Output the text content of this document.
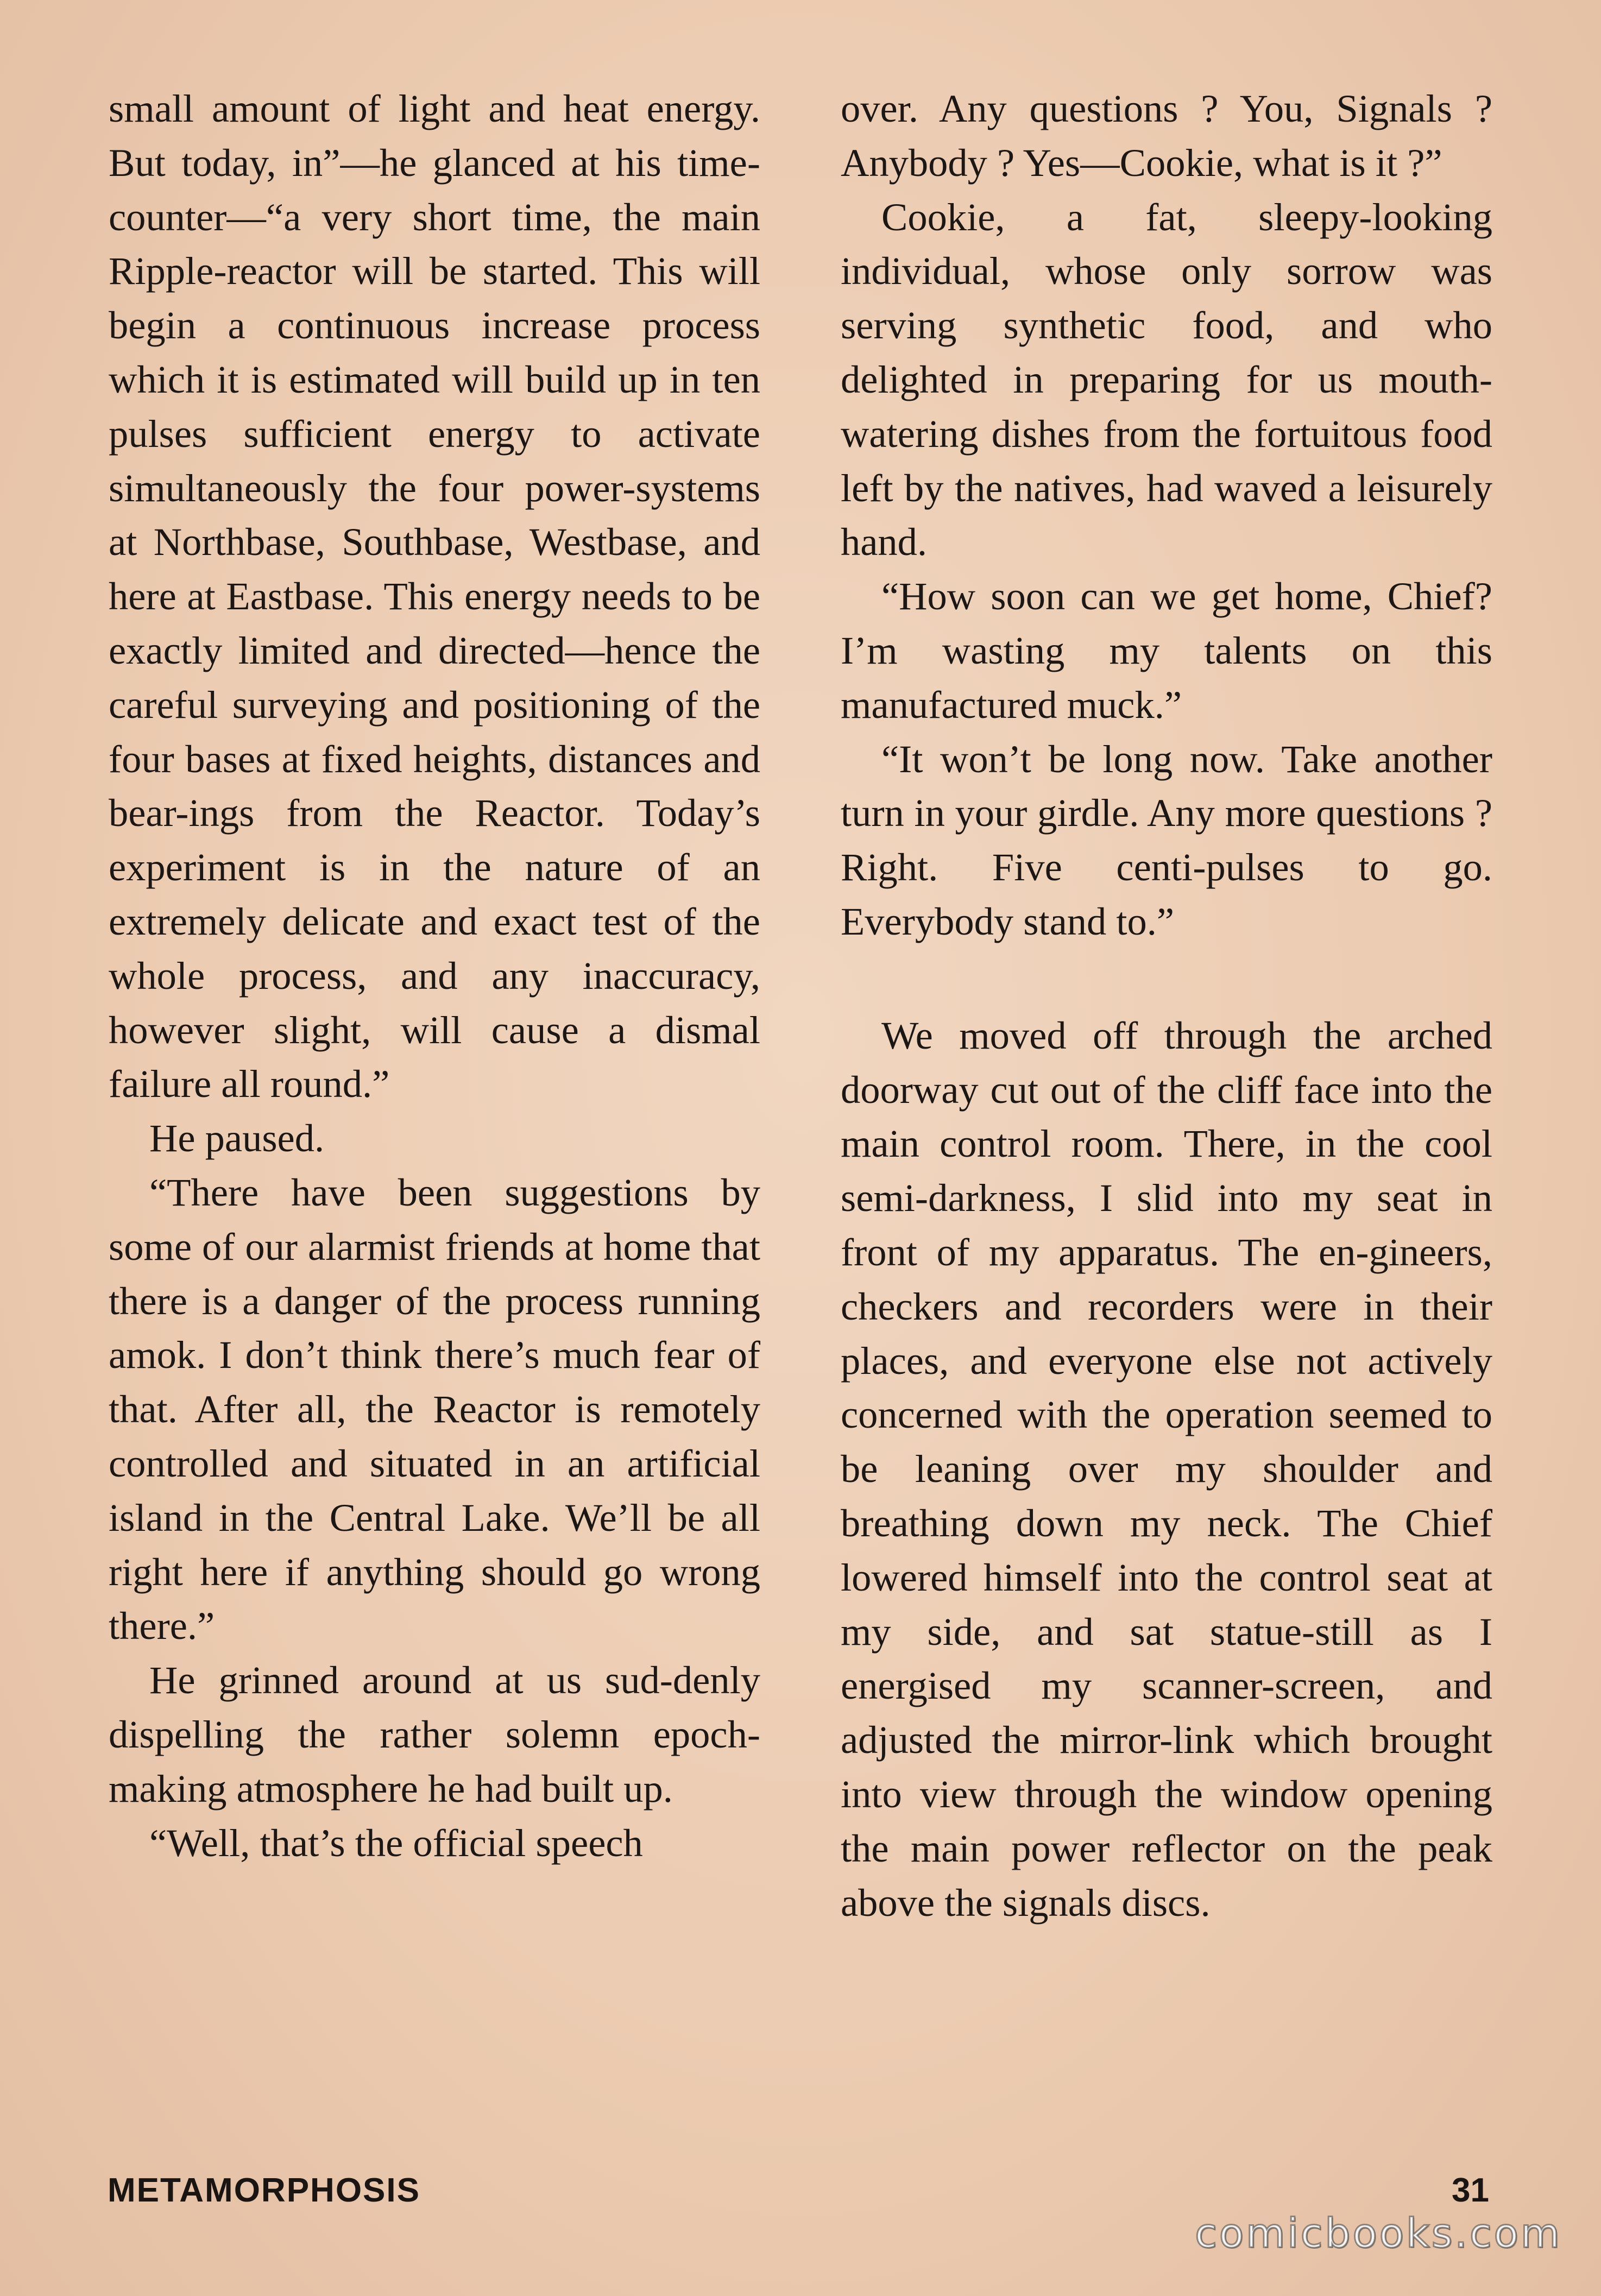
small amount of light and heat energy. But today, in”—he glanced at his time-counter—“a very short time, the main Ripple-reactor will be started. This will begin a continuous increase process which it is estimated will build up in ten pulses sufficient energy to activate simultaneously the four power-systems at Northbase, Southbase, Westbase, and here at Eastbase. This energy needs to be exactly limited and directed—hence the careful surveying and positioning of the four bases at fixed heights, distances and bear-ings from the Reactor. Today’s experiment is in the nature of an extremely delicate and exact test of the whole process, and any inaccuracy, however slight, will cause a dismal failure all round.”

He paused.

“There have been suggestions by some of our alarmist friends at home that there is a danger of the process running amok. I don’t think there’s much fear of that. After all, the Reactor is remotely controlled and situated in an artificial island in the Central Lake. We’ll be all right here if anything should go wrong there.”

He grinned around at us sud-denly dispelling the rather solemn epoch-making atmosphere he had built up.

“Well, that’s the official speech

over. Any questions ? You, Signals ? Anybody ? Yes—Cookie, what is it ?”

Cookie, a fat, sleepy-looking individual, whose only sorrow was serving synthetic food, and who delighted in preparing for us mouth-watering dishes from the fortuitous food left by the natives, had waved a leisurely hand.

“How soon can we get home, Chief? I’m wasting my talents on this manufactured muck.”

“It won’t be long now. Take another turn in your girdle. Any more questions ? Right. Five centi-pulses to go. Everybody stand to.”

We moved off through the arched doorway cut out of the cliff face into the main control room. There, in the cool semi-darkness, I slid into my seat in front of my apparatus. The en-gineers, checkers and recorders were in their places, and everyone else not actively concerned with the operation seemed to be leaning over my shoulder and breathing down my neck. The Chief lowered himself into the control seat at my side, and sat statue-still as I energised my scanner-screen, and adjusted the mirror-link which brought into view through the window opening the main power reflector on the peak above the signals discs.

METAMORPHOSIS	31
comicbooks.com
